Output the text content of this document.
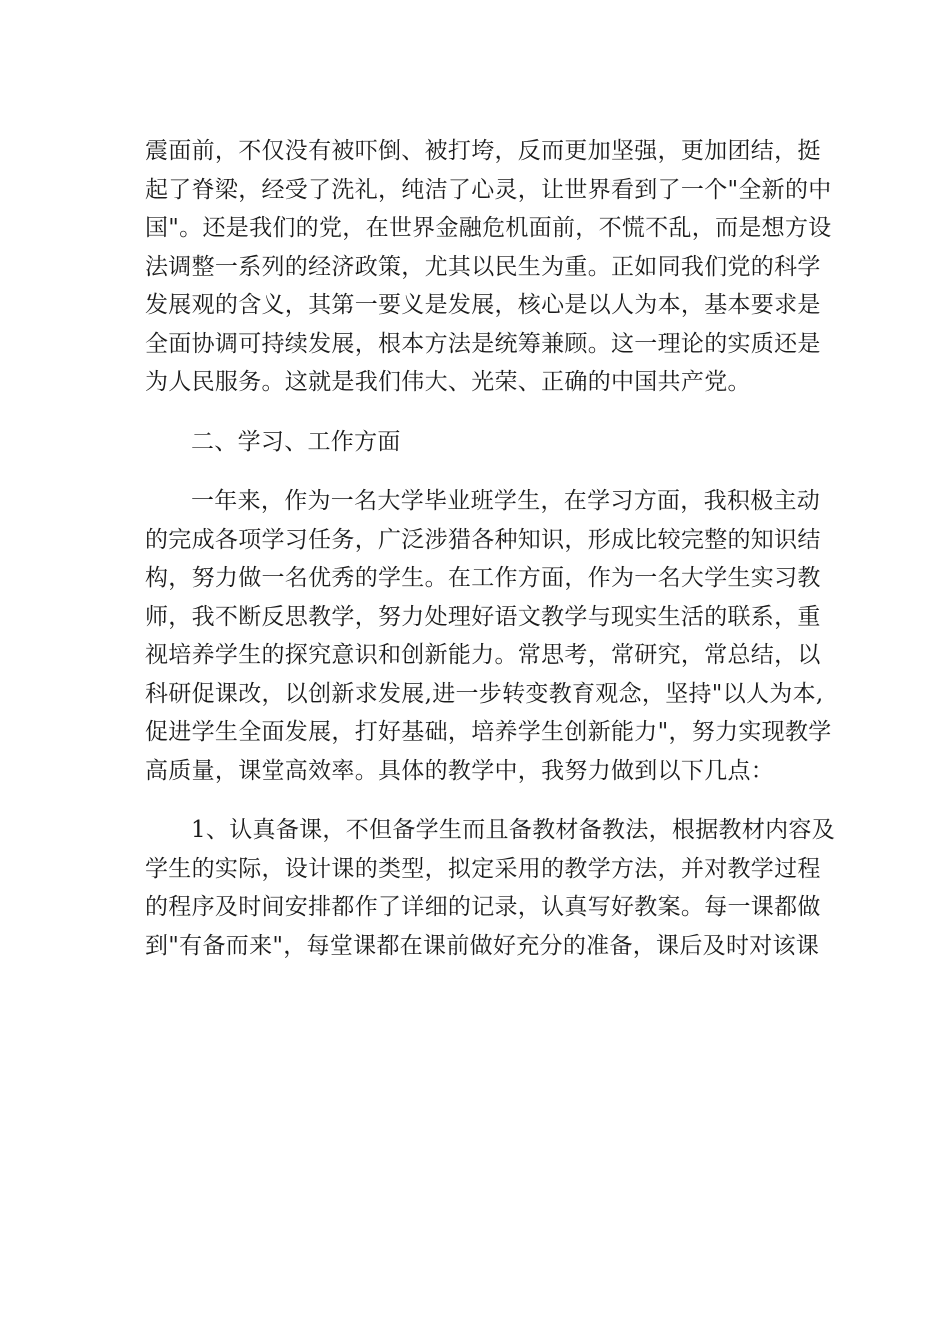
震面前，不仅没有被吓倒、被打垮，反而更加坚强，更加团结，挺
起了脊梁，经受了洗礼，纯洁了心灵，让世界看到了一个"全新的中
国"。还是我们的党，在世界金融危机面前，不慌不乱，而是想方设
法调整一系列的经济政策，尤其以民生为重。正如同我们党的科学
发展观的含义，其第一要义是发展，核心是以人为本，基本要求是
全面协调可持续发展，根本方法是统筹兼顾。这一理论的实质还是
为人民服务。这就是我们伟大、光荣、正确的中国共产党。
二、学习、工作方面
一年来，作为一名大学毕业班学生，在学习方面，我积极主动
的完成各项学习任务，广泛涉猎各种知识，形成比较完整的知识结
构，努力做一名优秀的学生。在工作方面，作为一名大学生实习教
师，我不断反思教学，努力处理好语文教学与现实生活的联系，重
视培养学生的探究意识和创新能力。常思考，常研究，常总结，以
科研促课改，以创新求发展,进一步转变教育观念，坚持"以人为本,
促进学生全面发展，打好基础，培养学生创新能力"，努力实现教学
高质量，课堂高效率。具体的教学中，我努力做到以下几点：
1、认真备课，不但备学生而且备教材备教法，根据教材内容及
学生的实际，设计课的类型，拟定采用的教学方法，并对教学过程
的程序及时间安排都作了详细的记录，认真写好教案。每一课都做
到"有备而来"，每堂课都在课前做好充分的准备，课后及时对该课
